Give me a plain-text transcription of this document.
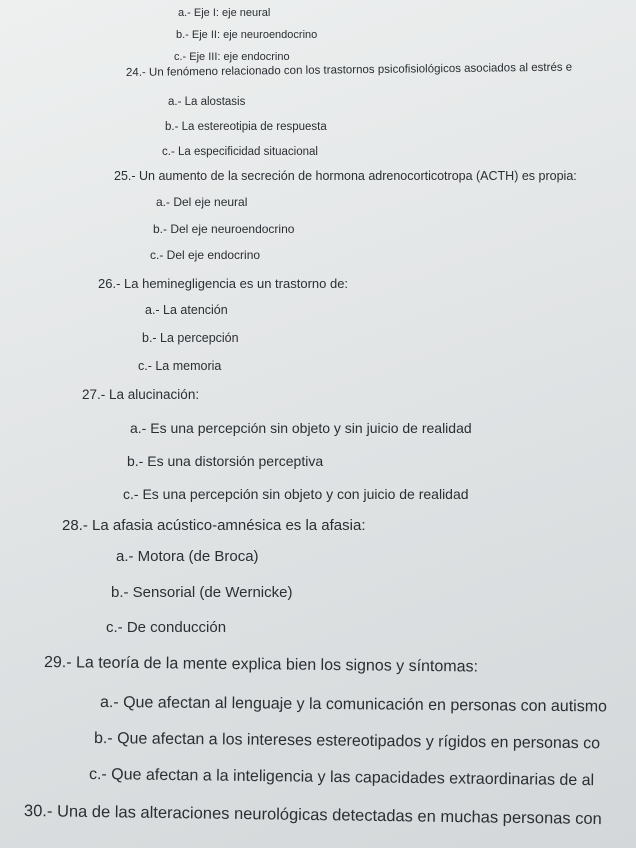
a.- Eje I: eje neural
b.- Eje II: eje neuroendocrino
c.- Eje III: eje endocrino
24.- Un fenómeno relacionado con los trastornos psicofisiológicos asociados al estrés e
a.- La alostasis
b.- La estereotipia de respuesta
c.- La especificidad situacional
25.- Un aumento de la secreción de hormona adrenocorticotropa (ACTH) es propia:
a.- Del eje neural
b.- Del eje neuroendocrino
c.- Del eje endocrino
26.- La heminegligencia es un trastorno de:
a.- La atención
b.- La percepción
c.- La memoria
27.- La alucinación:
a.- Es una percepción sin objeto y sin juicio de realidad
b.- Es una distorsión perceptiva
c.- Es una percepción sin objeto y con juicio de realidad
28.- La afasia acústico-amnésica es la afasia:
a.- Motora (de Broca)
b.- Sensorial (de Wernicke)
c.- De conducción
29.- La teoría de la mente explica bien los signos y síntomas:
a.- Que afectan al lenguaje y la comunicación en personas con autismo
b.- Que afectan a los intereses estereotipados y rígidos en personas co
c.- Que afectan a la inteligencia y las capacidades extraordinarias de al
30.- Una de las alteraciones neurológicas detectadas en muchas personas con
